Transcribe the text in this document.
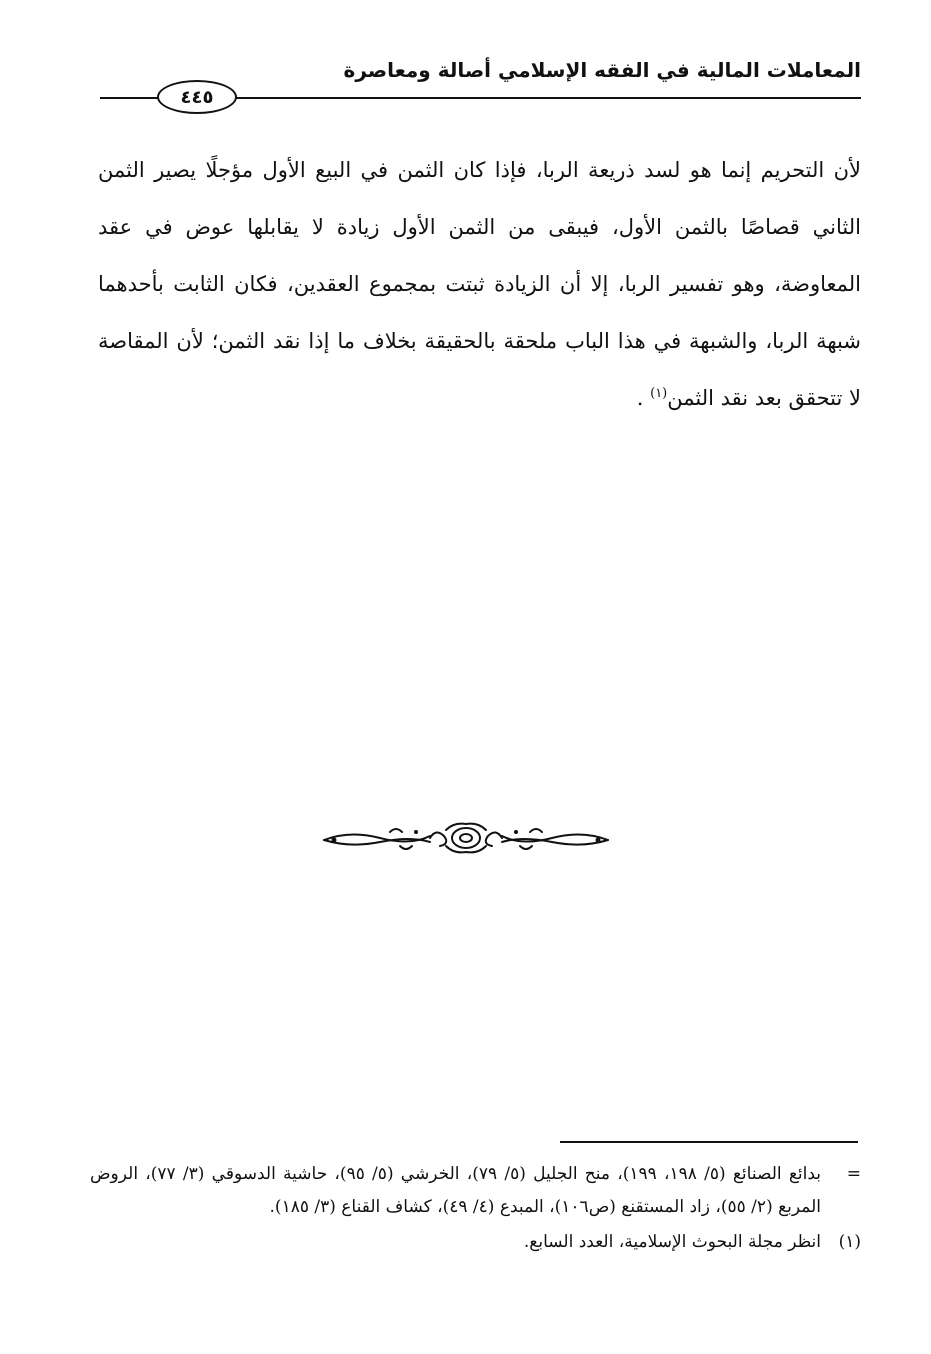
المعاملات المالية في الفقه الإسلامي أصالة ومعاصرة
٤٤٥
لأن التحريم إنما هو لسد ذريعة الربا، فإذا كان الثمن في البيع الأول مؤجلًا يصير الثمن الثاني قصاصًا بالثمن الأول، فيبقى من الثمن الأول زيادة لا يقابلها عوض في عقد المعاوضة، وهو تفسير الربا، إلا أن الزيادة ثبتت بمجموع العقدين، فكان الثابت بأحدهما شبهة الربا، والشبهة في هذا الباب ملحقة بالحقيقة بخلاف ما إذا نقد الثمن؛ لأن المقاصة لا تتحقق بعد نقد الثمن$^{(١)}$ .
=
بدائع الصنائع (٥/ ١٩٨، ١٩٩)، منح الجليل (٥/ ٧٩)، الخرشي (٥/ ٩٥)، حاشية الدسوقي (٣/ ٧٧)، الروض المربع (٢/ ٥٥)، زاد المستقنع (ص١٠٦)، المبدع (٤/ ٤٩)، كشاف القناع (٣/ ١٨٥).
(١)
انظر مجلة البحوث الإسلامية، العدد السابع.
